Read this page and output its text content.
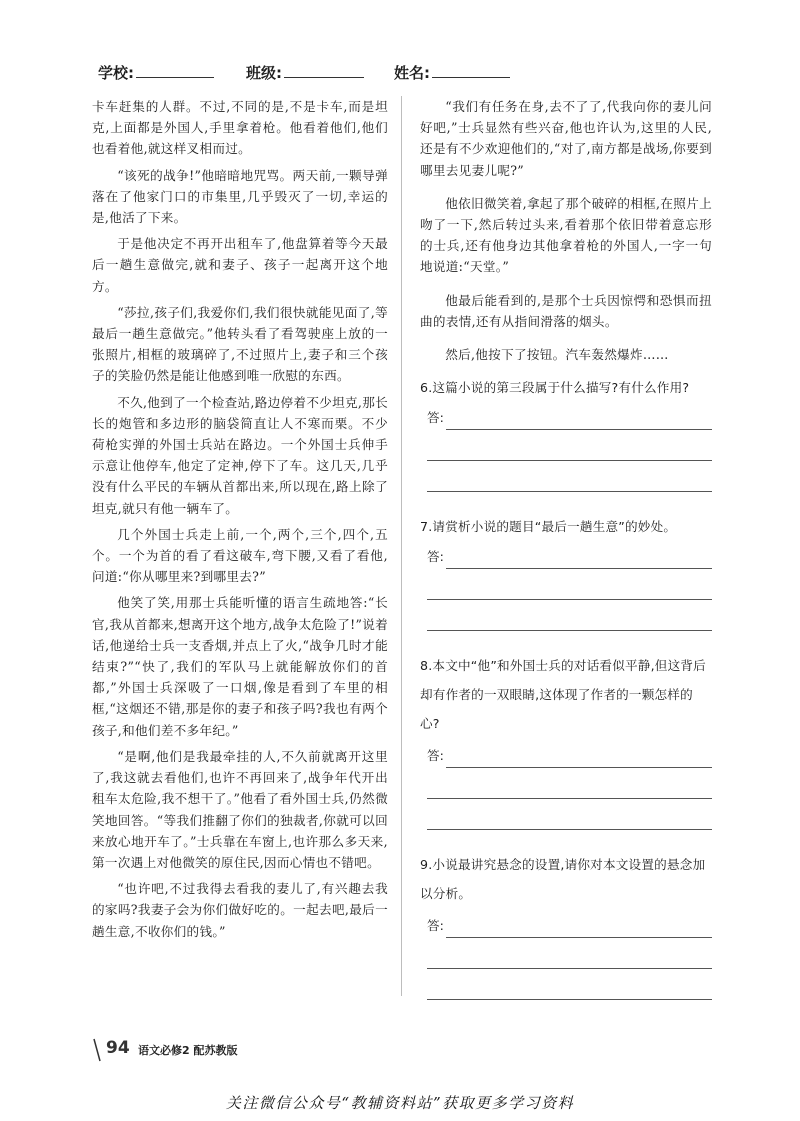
学校:	班级:	姓名:

卡车赶集的人群。不过,不同的是,不是卡车,而是坦克,上面都是外国人,手里拿着枪。他看着他们,他们也看着他,就这样叉相而过。

“该死的战争!”他暗暗地咒骂。两天前,一颗导弹落在了他家门口的市集里,几乎毁灭了一切,幸运的是,他活了下来。

于是他决定不再开出租车了,他盘算着等今天最后一趟生意做完,就和妻子、孩子一起离开这个地方。

“莎拉,孩子们,我爱你们,我们很快就能见面了,等最后一趟生意做完。”他转头看了看驾驶座上放的一张照片,相框的玻璃碎了,不过照片上,妻子和三个孩子的笑脸仍然是能让他感到唯一欣慰的东西。

不久,他到了一个检查站,路边停着不少坦克,那长长的炮管和多边形的脑袋简直让人不寒而栗。不少荷枪实弹的外国士兵站在路边。一个外国士兵伸手示意让他停车,他定了定神,停下了车。这几天,几乎没有什么平民的车辆从首都出来,所以现在,路上除了坦克,就只有他一辆车了。

几个外国士兵走上前,一个,两个,三个,四个,五个。一个为首的看了看这破车,弯下腰,又看了看他,问道:“你从哪里来?到哪里去?”

他笑了笑,用那士兵能听懂的语言生疏地答:“长官,我从首都来,想离开这个地方,战争太危险了!”说着话,他递给士兵一支香烟,并点上了火,“战争几时才能结束?”“快了,我们的军队马上就能解放你们的首都,”外国士兵深吸了一口烟,像是看到了车里的相框,“这烟还不错,那是你的妻子和孩子吗?我也有两个孩子,和他们差不多年纪。”

“是啊,他们是我最牵挂的人,不久前就离开这里了,我这就去看他们,也许不再回来了,战争年代开出租车太危险,我不想干了。”他看了看外国士兵,仍然微笑地回答。“等我们推翻了你们的独裁者,你就可以回来放心地开车了。”士兵靠在车窗上,也许那么多天来,第一次遇上对他微笑的原住民,因而心情也不错吧。

“也许吧,不过我得去看我的妻儿了,有兴趣去我的家吗?我妻子会为你们做好吃的。一起去吧,最后一趟生意,不收你们的钱。”

“我们有任务在身,去不了了,代我向你的妻儿问好吧,”士兵显然有些兴奋,他也许认为,这里的人民,还是有不少欢迎他们的,“对了,南方都是战场,你要到哪里去见妻儿呢?”

他依旧微笑着,拿起了那个破碎的相框,在照片上吻了一下,然后转过头来,看着那个依旧带着意忘形的士兵,还有他身边其他拿着枪的外国人,一字一句地说道:“天堂。”

他最后能看到的,是那个士兵因惊愕和恐惧而扭曲的表情,还有从指间滑落的烟头。

然后,他按下了按钮。汽车轰然爆炸……

6.这篇小说的第三段属于什么描写?有什么作用?
答:
7.请赏析小说的题目“最后一趟生意”的妙处。
答:
8.本文中“他”和外国士兵的对话看似平静,但这背后却有作者的一双眼睛,这体现了作者的一颗怎样的心?
答:
9.小说最讲究悬念的设置,请你对本文设置的悬念加以分析。
答:
94 语文必修2 配苏教版
关注微信公众号“教辅资料站”获取更多学习资料
